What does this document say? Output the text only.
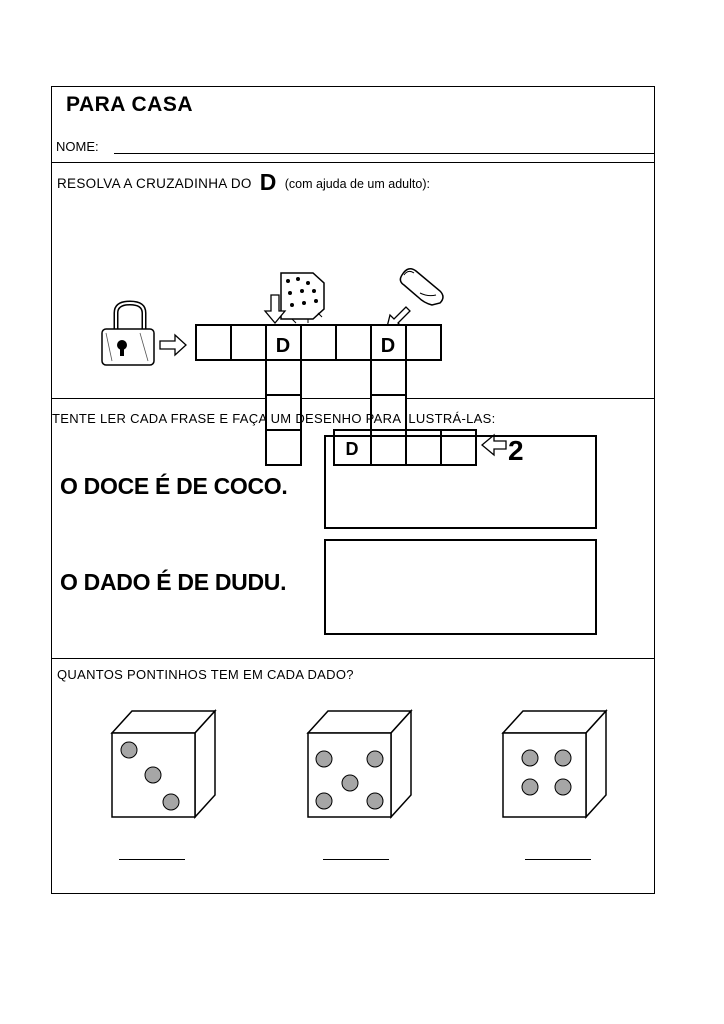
PARA CASA
NOME:
RESOLVA A CRUZADINHA DO D (com ajuda de um adulto):
D	D
D	2
TENTE LER CADA FRASE E FAÇA UM DESENHO PARA ILUSTRÁ-LAS:
O DOCE É DE COCO.
O DADO É DE DUDU.
QUANTOS PONTINHOS TEM EM CADA DADO?
